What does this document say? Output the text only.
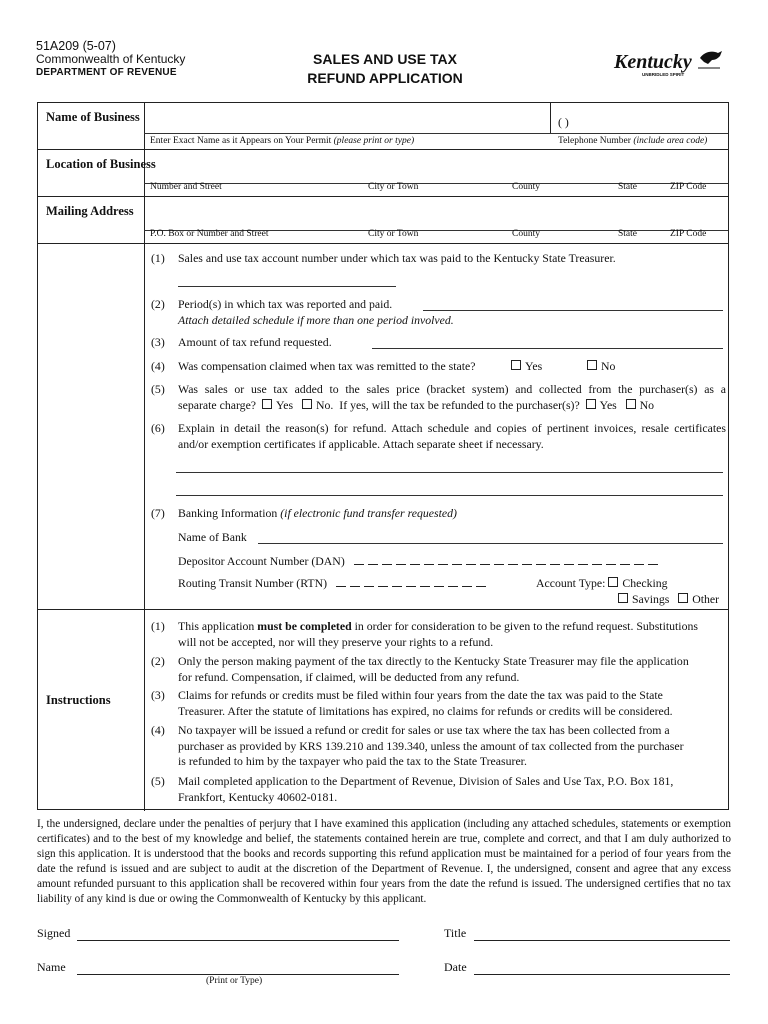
51A209 (5-07)
Commonwealth of Kentucky
DEPARTMENT OF REVENUE
SALES AND USE TAX
REFUND APPLICATION
Kentucky
UNBRIDLED SPIRIT
Name of Business	( )
Enter Exact Name as it Appears on Your Permit (please print or type)	Telephone Number (include area code)
Location of Business
Number and Street	City or Town	County	State	ZIP Code
Mailing Address
P.O. Box or Number and Street	City or Town	County	State	ZIP Code
(1) Sales and use tax account number under which tax was paid to the Kentucky State Treasurer.
(2) Period(s) in which tax was reported and paid.
Attach detailed schedule if more than one period involved.
(3) Amount of tax refund requested.
(4) Was compensation claimed when tax was remitted to the state?	Yes	No
(5) Was sales or use tax added to the sales price (bracket system) and collected from the purchaser(s) as a
separate charge? Yes No. If yes, will the tax be refunded to the purchaser(s)? Yes No
(6) Explain in detail the reason(s) for refund. Attach schedule and copies of pertinent invoices, resale certificates
and/or exemption certificates if applicable. Attach separate sheet if necessary.
(7) Banking Information (if electronic fund transfer requested)
Name of Bank
Depositor Account Number (DAN)
Routing Transit Number (RTN)	Account Type: Checking
Savings Other
Instructions
(1) This application must be completed in order for consideration to be given to the refund request. Substitutions
will not be accepted, nor will they preserve your rights to a refund.
(2) Only the person making payment of the tax directly to the Kentucky State Treasurer may file the application
for refund. Compensation, if claimed, will be deducted from any refund.
(3) Claims for refunds or credits must be filed within four years from the date the tax was paid to the State
Treasurer. After the statute of limitations has expired, no claims for refunds or credits will be considered.
(4) No taxpayer will be issued a refund or credit for sales or use tax where the tax has been collected from a
purchaser as provided by KRS 139.210 and 139.340, unless the amount of tax collected from the purchaser
is refunded to him by the taxpayer who paid the tax to the State Treasurer.
(5) Mail completed application to the Department of Revenue, Division of Sales and Use Tax, P.O. Box 181,
Frankfort, Kentucky 40602-0181.
I, the undersigned, declare under the penalties of perjury that I have examined this application (including any attached schedules, statements or exemption certificates) and to the best of my knowledge and belief, the statements contained herein are true, complete and correct, and that I am duly authorized to sign this application. It is understood that the books and records supporting this refund application must be maintained for a period of four years from the date the refund is issued and are subject to audit at the discretion of the Department of Revenue. I, the undersigned, consent and agree that any excess amount refunded pursuant to this application shall be recovered within four years from the date the refund is issued. The undersigned certifies that no tax liability of any kind is due or owing the Commonwealth of Kentucky by this applicant.
Signed	Title
Name
(Print or Type)
Date
